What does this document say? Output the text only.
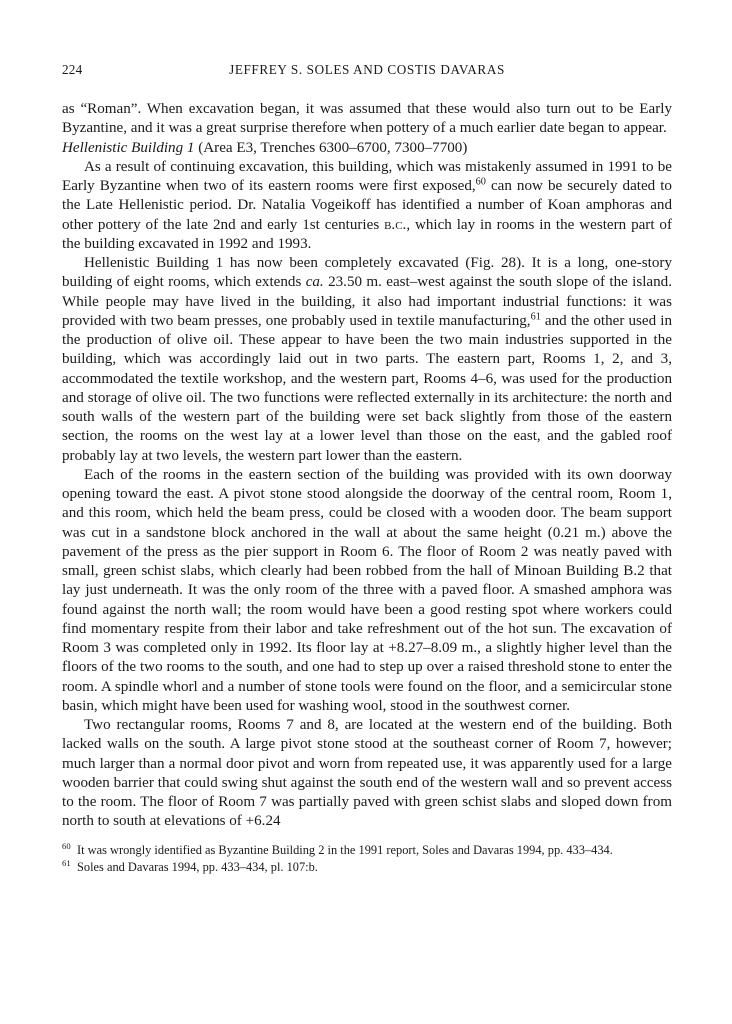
224	JEFFREY S. SOLES AND COSTIS DAVARAS

as “Roman”. When excavation began, it was assumed that these would also turn out to be Early Byzantine, and it was a great surprise therefore when pottery of a much earlier date began to appear.

Hellenistic Building 1 (Area E3, Trenches 6300–6700, 7300–7700)

As a result of continuing excavation, this building, which was mistakenly assumed in 1991 to be Early Byzantine when two of its eastern rooms were first exposed,$^{60}$ can now be securely dated to the Late Hellenistic period. Dr. Natalia Vogeikoff has identified a number of Koan amphoras and other pottery of the late 2nd and early 1st centuries b.c., which lay in rooms in the western part of the building excavated in 1992 and 1993.

Hellenistic Building 1 has now been completely excavated (Fig. 28). It is a long, one-story building of eight rooms, which extends ca. 23.50 m. east–west against the south slope of the island. While people may have lived in the building, it also had important industrial functions: it was provided with two beam presses, one probably used in textile manufacturing,$^{61}$ and the other used in the production of olive oil. These appear to have been the two main industries supported in the building, which was accordingly laid out in two parts. The eastern part, Rooms 1, 2, and 3, accommodated the textile workshop, and the western part, Rooms 4–6, was used for the production and storage of olive oil. The two functions were reflected externally in its architecture: the north and south walls of the western part of the building were set back slightly from those of the eastern section, the rooms on the west lay at a lower level than those on the east, and the gabled roof probably lay at two levels, the western part lower than the eastern.

Each of the rooms in the eastern section of the building was provided with its own doorway opening toward the east. A pivot stone stood alongside the doorway of the central room, Room 1, and this room, which held the beam press, could be closed with a wooden door. The beam support was cut in a sandstone block anchored in the wall at about the same height (0.21 m.) above the pavement of the press as the pier support in Room 6. The floor of Room 2 was neatly paved with small, green schist slabs, which clearly had been robbed from the hall of Minoan Building B.2 that lay just underneath. It was the only room of the three with a paved floor. A smashed amphora was found against the north wall; the room would have been a good resting spot where workers could find momentary respite from their labor and take refreshment out of the hot sun. The excavation of Room 3 was completed only in 1992. Its floor lay at +8.27–8.09 m., a slightly higher level than the floors of the two rooms to the south, and one had to step up over a raised threshold stone to enter the room. A spindle whorl and a number of stone tools were found on the floor, and a semicircular stone basin, which might have been used for washing wool, stood in the southwest corner.

Two rectangular rooms, Rooms 7 and 8, are located at the western end of the building. Both lacked walls on the south. A large pivot stone stood at the southeast corner of Room 7, however; much larger than a normal door pivot and worn from repeated use, it was apparently used for a large wooden barrier that could swing shut against the south end of the western wall and so prevent access to the room. The floor of Room 7 was partially paved with green schist slabs and sloped down from north to south at elevations of +6.24

$^{60}$ It was wrongly identified as Byzantine Building 2 in the 1991 report, Soles and Davaras 1994, pp. 433–434.

$^{61}$ Soles and Davaras 1994, pp. 433–434, pl. 107:b.
